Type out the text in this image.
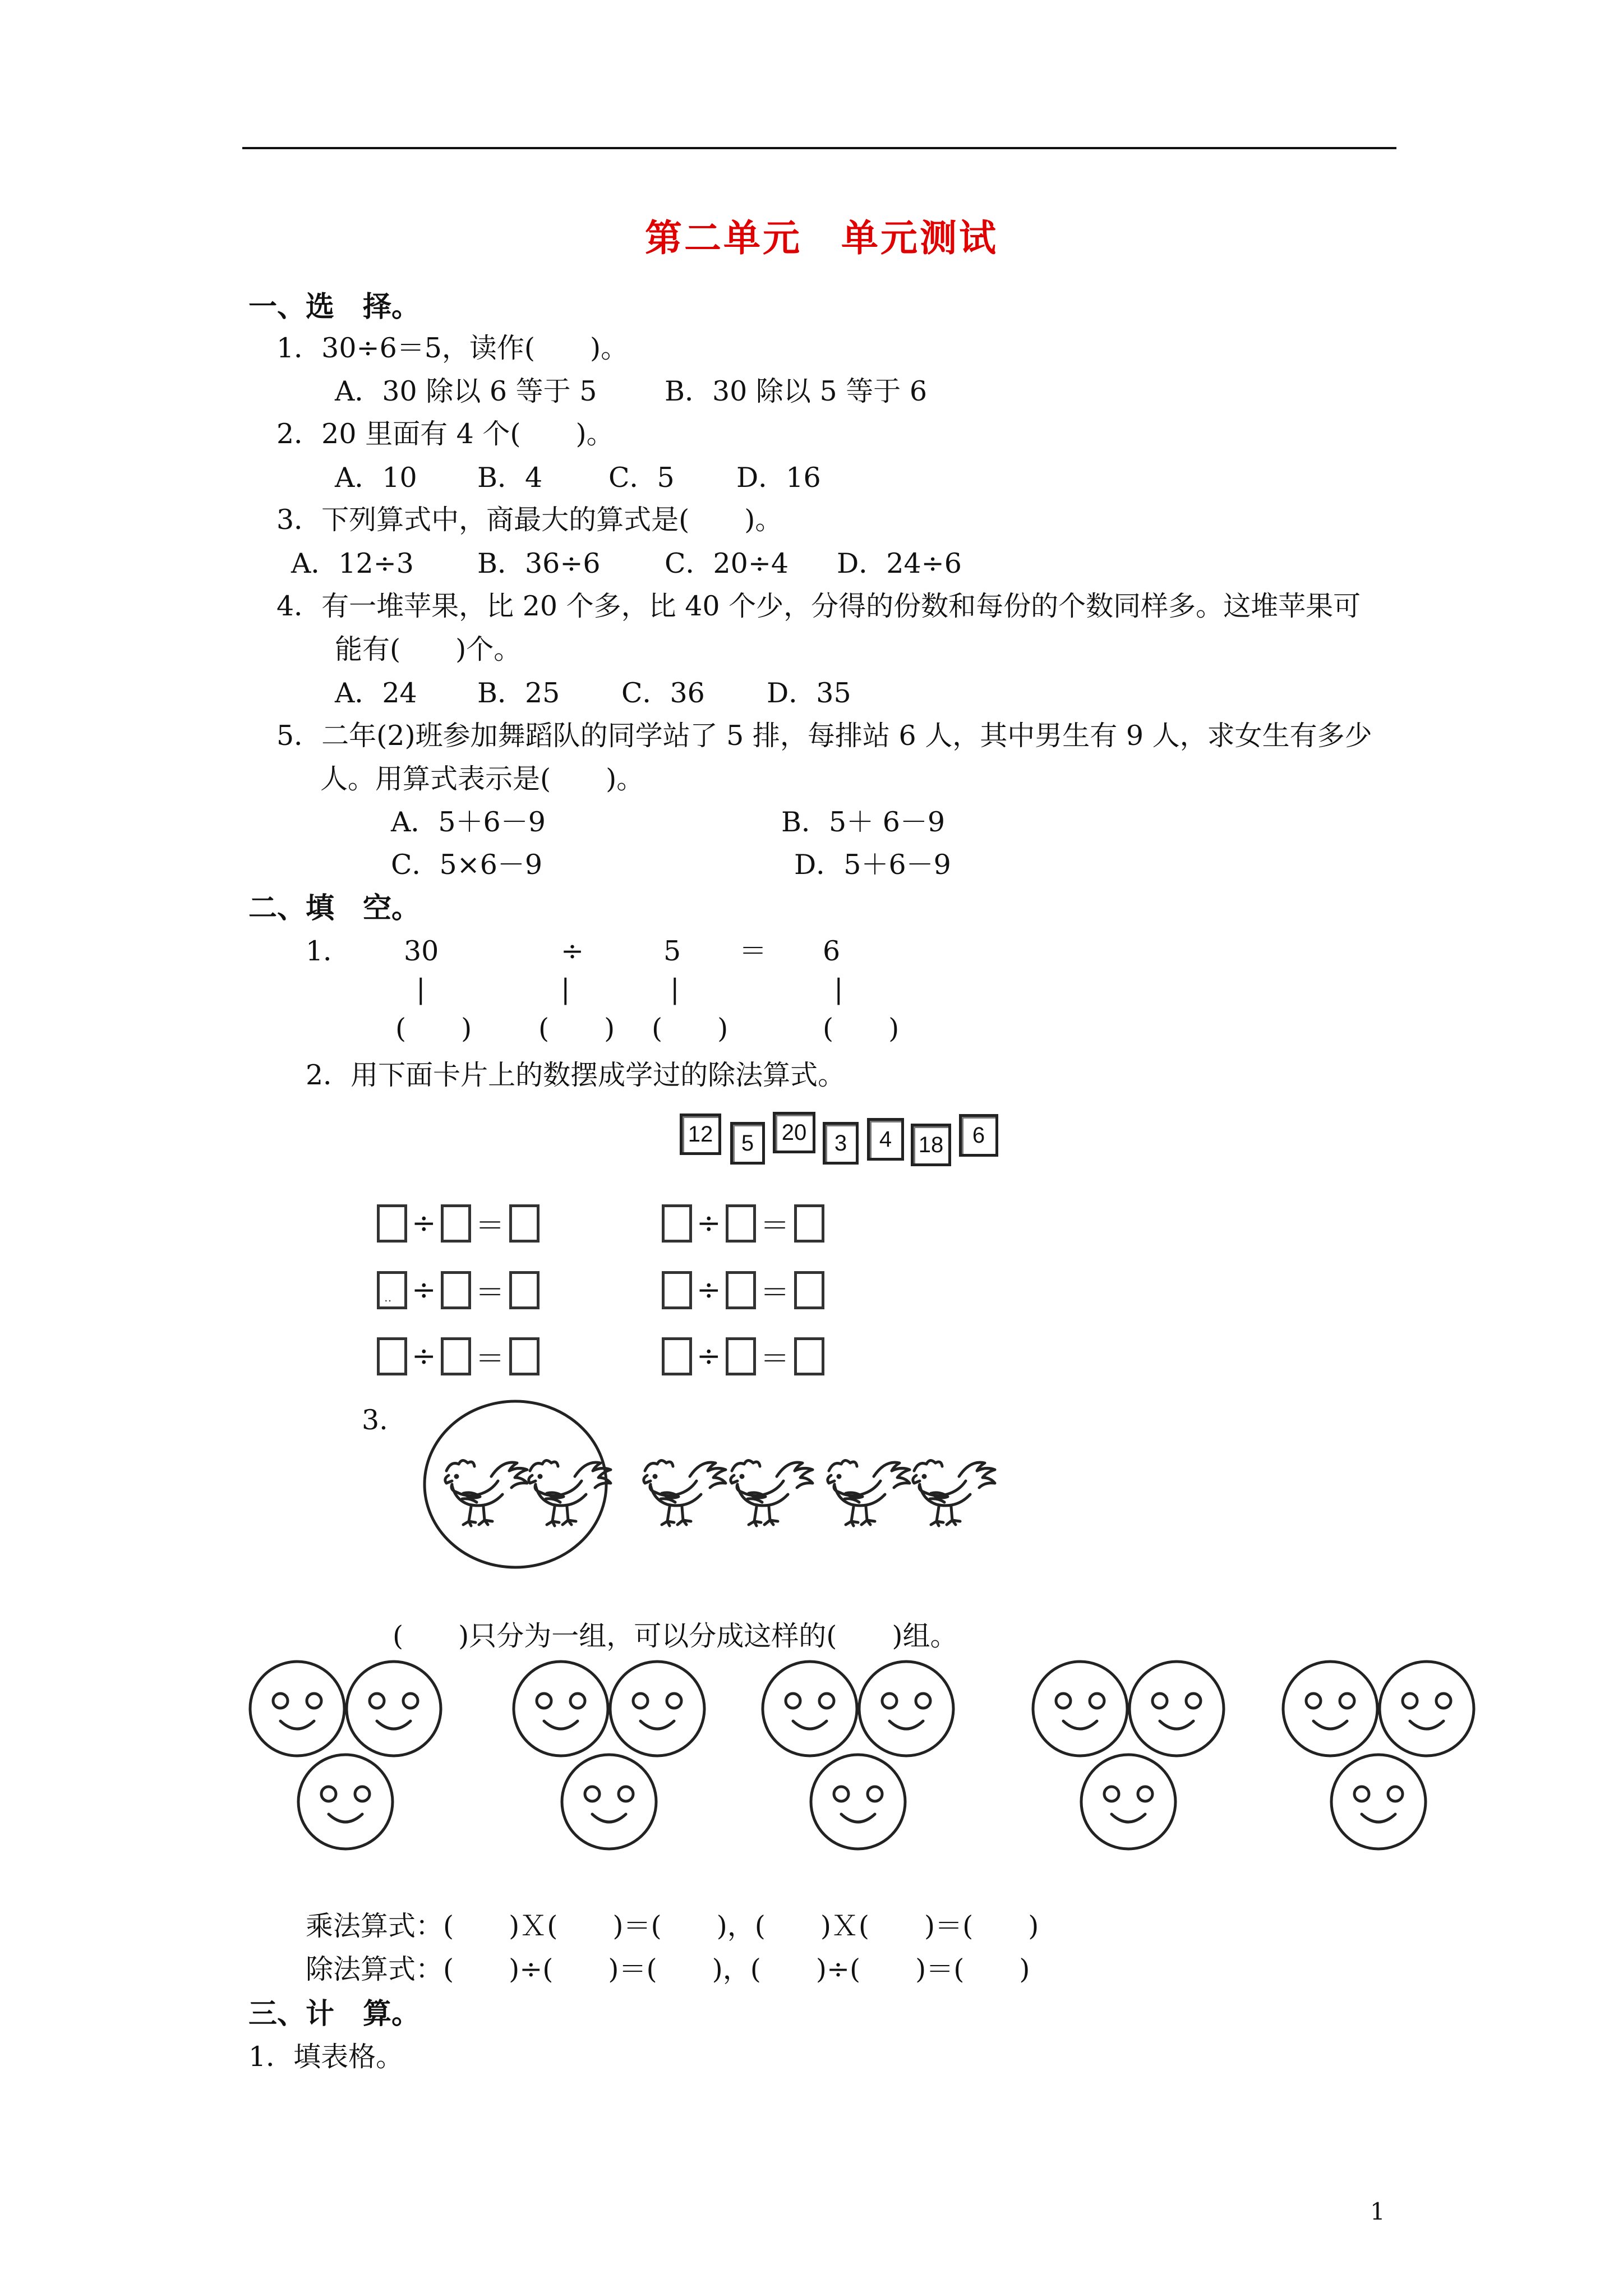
第二单元　单元测试
一、选　择。
1．30÷6＝5，读作(　　)。
A．30 除以 6 等于 5 B．30 除以 5 等于 6
2．20 里面有 4 个(　　)。
A．10 B．4 C．5 D．16
3．下列算式中，商最大的算式是(　　)。
A．12÷3 B．36÷6 C．20÷4 D．24÷6
4．有一堆苹果，比 20 个多，比 40 个少，分得的份数和每份的个数同样多。这堆苹果可
能有(　　)个。
A．24 B．25 C．36 D．35
5．二年(2)班参加舞蹈队的同学站了 5 排，每排站 6 人，其中男生有 9 人，求女生有多少
人。用算式表示是(　　)。
A．5＋6－9	B．5＋ 6－9
C．5×6－9	D．5＋6－9
二、填　空。
1． 30	÷	5 ＝ 6
|	|	|	|
(　　) (　　) (　　)	(　　)
2．用下面卡片上的数摆成学过的除法算式。
12	5	20	3	4	18	6
÷ ＝	÷ ＝
‥ ÷ ＝	÷ ＝
÷ ＝	÷ ＝
3.
(　　)只分为一组，可以分成这样的(　　)组。
乘法算式：(　　)Ｘ(　　)＝(　　)，(　　)Ｘ(　　)＝(　　)
除法算式：(　　)÷(　　)＝(　　)，(　　)÷(　　)＝(　　)
三、计　算。
1．填表格。
1
